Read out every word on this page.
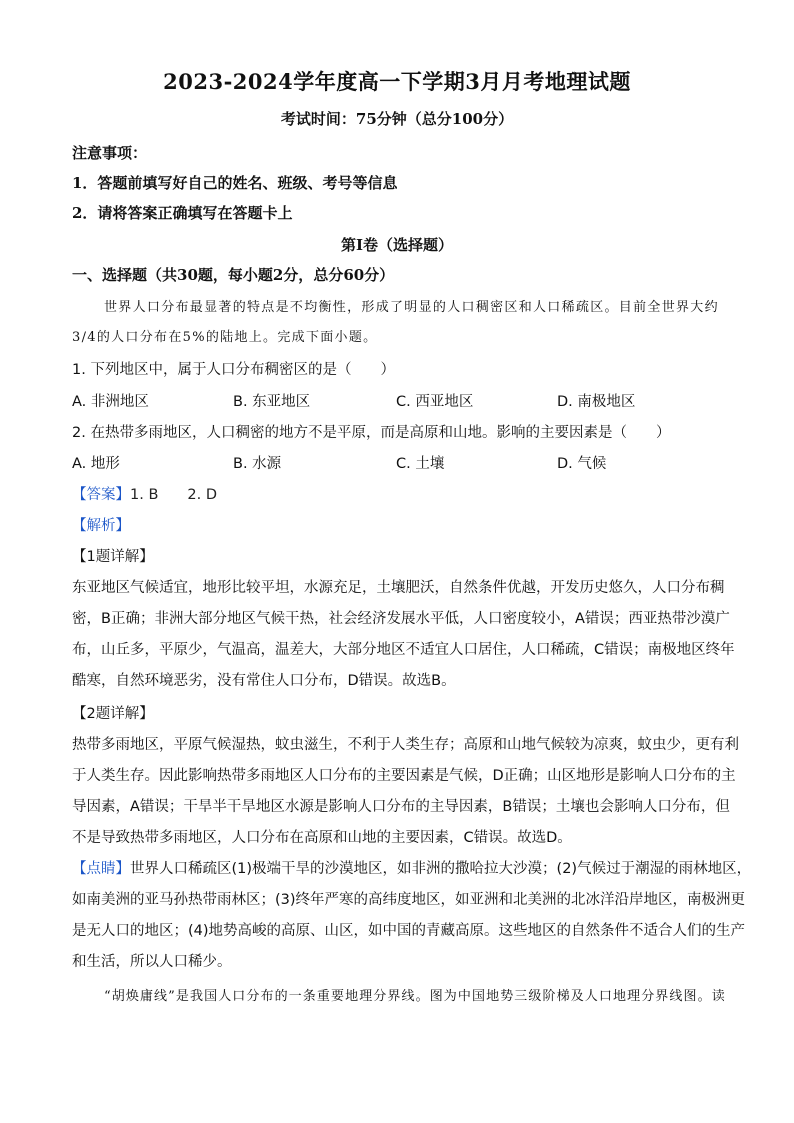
2023-2024学年度高一下学期3月月考地理试题
考试时间：75分钟（总分100分）
注意事项：
1．答题前填写好自己的姓名、班级、考号等信息
2．请将答案正确填写在答题卡上
第I卷（选择题）
一、选择题（共30题，每小题2分，总分60分）
世界人口分布最显著的特点是不均衡性，形成了明显的人口稠密区和人口稀疏区。目前全世界大约
3/4的人口分布在5%的陆地上。完成下面小题。
1. 下列地区中，属于人口分布稠密区的是（　　）
A. 非洲地区	B. 东亚地区	C. 西亚地区	D. 南极地区
2. 在热带多雨地区，人口稠密的地方不是平原，而是高原和山地。影响的主要因素是（　　）
A. 地形	B. 水源	C. 土壤	D. 气候
【答案】1. B　　2. D
【解析】
【1题详解】
东亚地区气候适宜，地形比较平坦，水源充足，土壤肥沃，自然条件优越，开发历史悠久，人口分布稠
密，B正确；非洲大部分地区气候干热，社会经济发展水平低，人口密度较小，A错误；西亚热带沙漠广
布，山丘多，平原少，气温高，温差大，大部分地区不适宜人口居住，人口稀疏，C错误；南极地区终年
酷寒，自然环境恶劣，没有常住人口分布，D错误。故选B。
【2题详解】
热带多雨地区，平原气候湿热，蚊虫滋生，不利于人类生存；高原和山地气候较为凉爽，蚊虫少，更有利
于人类生存。因此影响热带多雨地区人口分布的主要因素是气候，D正确；山区地形是影响人口分布的主
导因素，A错误；干旱半干旱地区水源是影响人口分布的主导因素，B错误；土壤也会影响人口分布，但
不是导致热带多雨地区，人口分布在高原和山地的主要因素，C错误。故选D。
【点睛】世界人口稀疏区(1)极端干旱的沙漠地区，如非洲的撒哈拉大沙漠；(2)气候过于潮湿的雨林地区，
如南美洲的亚马孙热带雨林区；(3)终年严寒的高纬度地区，如亚洲和北美洲的北冰洋沿岸地区，南极洲更
是无人口的地区；(4)地势高峻的高原、山区，如中国的青藏高原。这些地区的自然条件不适合人们的生产
和生活，所以人口稀少。
“胡焕庸线”是我国人口分布的一条重要地理分界线。图为中国地势三级阶梯及人口地理分界线图。读
